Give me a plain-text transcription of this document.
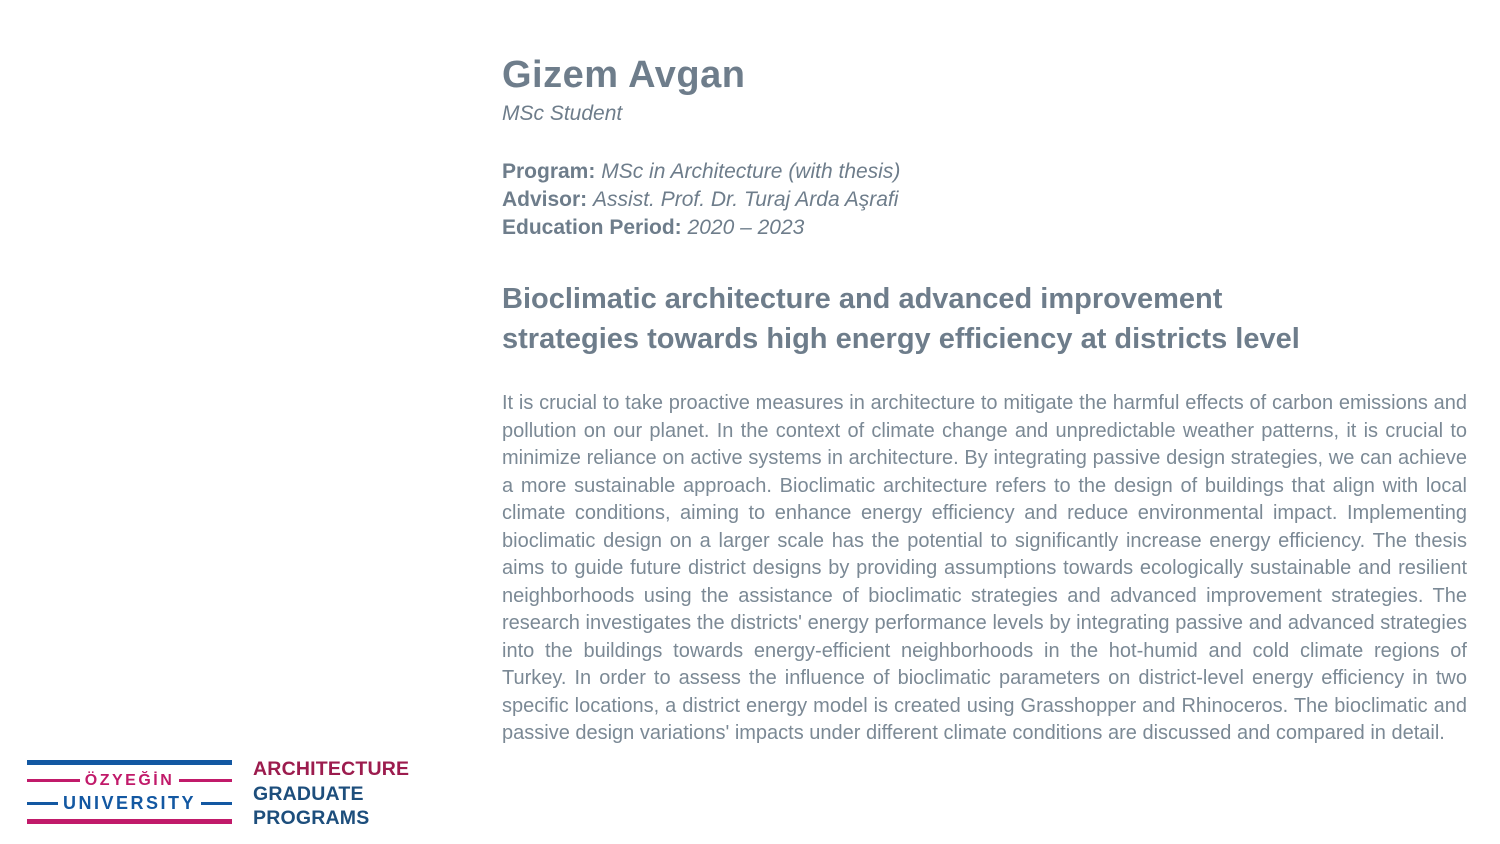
Gizem Avgan
MSc Student
Program: MSc in Architecture (with thesis)
Advisor: Assist. Prof. Dr. Turaj Arda Aşrafi
Education Period: 2020 – 2023
Bioclimatic architecture and advanced improvement
strategies towards high energy efficiency at districts level

It is crucial to take proactive measures in architecture to mitigate the harmful effects of carbon emissions and pollution on our planet. In the context of climate change and unpredictable weather patterns, it is crucial to minimize reliance on active systems in architecture. By integrating passive design strategies, we can achieve a more sustainable approach. Bioclimatic architecture refers to the design of buildings that align with local climate conditions, aiming to enhance energy efficiency and reduce environmental impact. Implementing bioclimatic design on a larger scale has the potential to significantly increase energy efficiency. The thesis aims to guide future district designs by providing assumptions towards ecologically sustainable and resilient neighborhoods using the assistance of bioclimatic strategies and advanced improvement strategies. The research investigates the districts' energy performance levels by integrating passive and advanced strategies into the buildings towards energy-efficient neighborhoods in the hot-humid and cold climate regions of Turkey. In order to assess the influence of bioclimatic parameters on district-level energy efficiency in two specific locations, a district energy model is created using Grasshopper and Rhinoceros. The bioclimatic and passive design variations' impacts under different climate conditions are discussed and compared in detail.

ÖZYEĞİN
UNIVERSITY
ARCHITECTURE
GRADUATE
PROGRAMS
